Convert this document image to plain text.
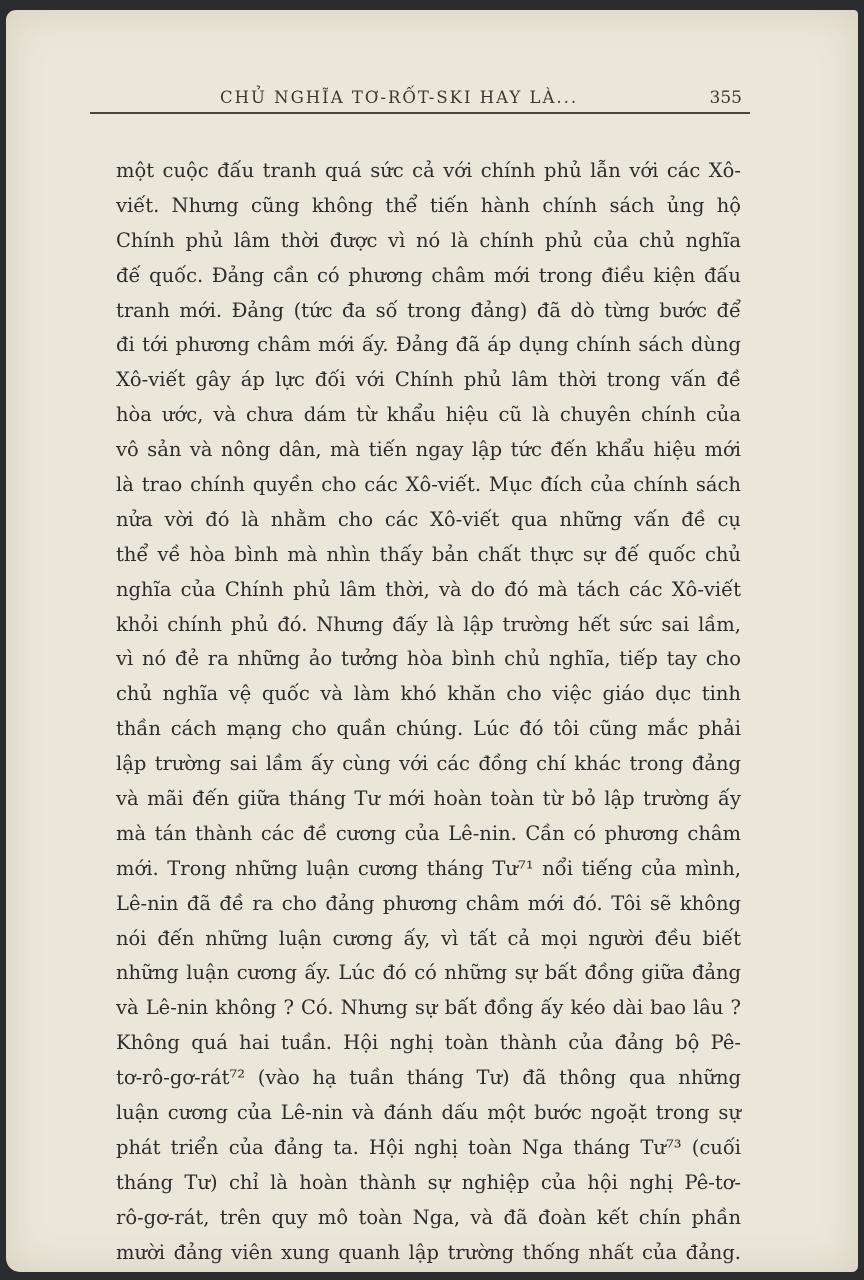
CHỦ NGHĨA TƠ-RỐT-SKI HAY LÀ...	355
một cuộc đấu tranh quá sức cả với chính phủ lẫn với các Xô-
viết. Nhưng cũng không thể tiến hành chính sách ủng hộ
Chính phủ lâm thời được vì nó là chính phủ của chủ nghĩa
đế quốc. Đảng cần có phương châm mới trong điều kiện đấu
tranh mới. Đảng (tức đa số trong đảng) đã dò từng bước để
đi tới phương châm mới ấy. Đảng đã áp dụng chính sách dùng
Xô-viết gây áp lực đối với Chính phủ lâm thời trong vấn đề
hòa ước, và chưa dám từ khẩu hiệu cũ là chuyên chính của
vô sản và nông dân, mà tiến ngay lập tức đến khẩu hiệu mới
là trao chính quyền cho các Xô-viết. Mục đích của chính sách
nửa vời đó là nhằm cho các Xô-viết qua những vấn đề cụ
thể về hòa bình mà nhìn thấy bản chất thực sự đế quốc chủ
nghĩa của Chính phủ lâm thời, và do đó mà tách các Xô-viết
khỏi chính phủ đó. Nhưng đấy là lập trường hết sức sai lầm,
vì nó đẻ ra những ảo tưởng hòa bình chủ nghĩa, tiếp tay cho
chủ nghĩa vệ quốc và làm khó khăn cho việc giáo dục tinh
thần cách mạng cho quần chúng. Lúc đó tôi cũng mắc phải
lập trường sai lầm ấy cùng với các đồng chí khác trong đảng
và mãi đến giữa tháng Tư mới hoàn toàn từ bỏ lập trường ấy
mà tán thành các đề cương của Lê-nin. Cần có phương châm
mới. Trong những luận cương tháng Tư⁷¹ nổi tiếng của mình,
Lê-nin đã đề ra cho đảng phương châm mới đó. Tôi sẽ không
nói đến những luận cương ấy, vì tất cả mọi người đều biết
những luận cương ấy. Lúc đó có những sự bất đồng giữa đảng
và Lê-nin không ? Có. Nhưng sự bất đồng ấy kéo dài bao lâu ?
Không quá hai tuần. Hội nghị toàn thành của đảng bộ Pê-
tơ-rô-gơ-rát⁷² (vào hạ tuần tháng Tư) đã thông qua những
luận cương của Lê-nin và đánh dấu một bước ngoặt trong sự
phát triển của đảng ta. Hội nghị toàn Nga tháng Tư⁷³ (cuối
tháng Tư) chỉ là hoàn thành sự nghiệp của hội nghị Pê-tơ-
rô-gơ-rát, trên quy mô toàn Nga, và đã đoàn kết chín phần
mười đảng viên xung quanh lập trường thống nhất của đảng.
